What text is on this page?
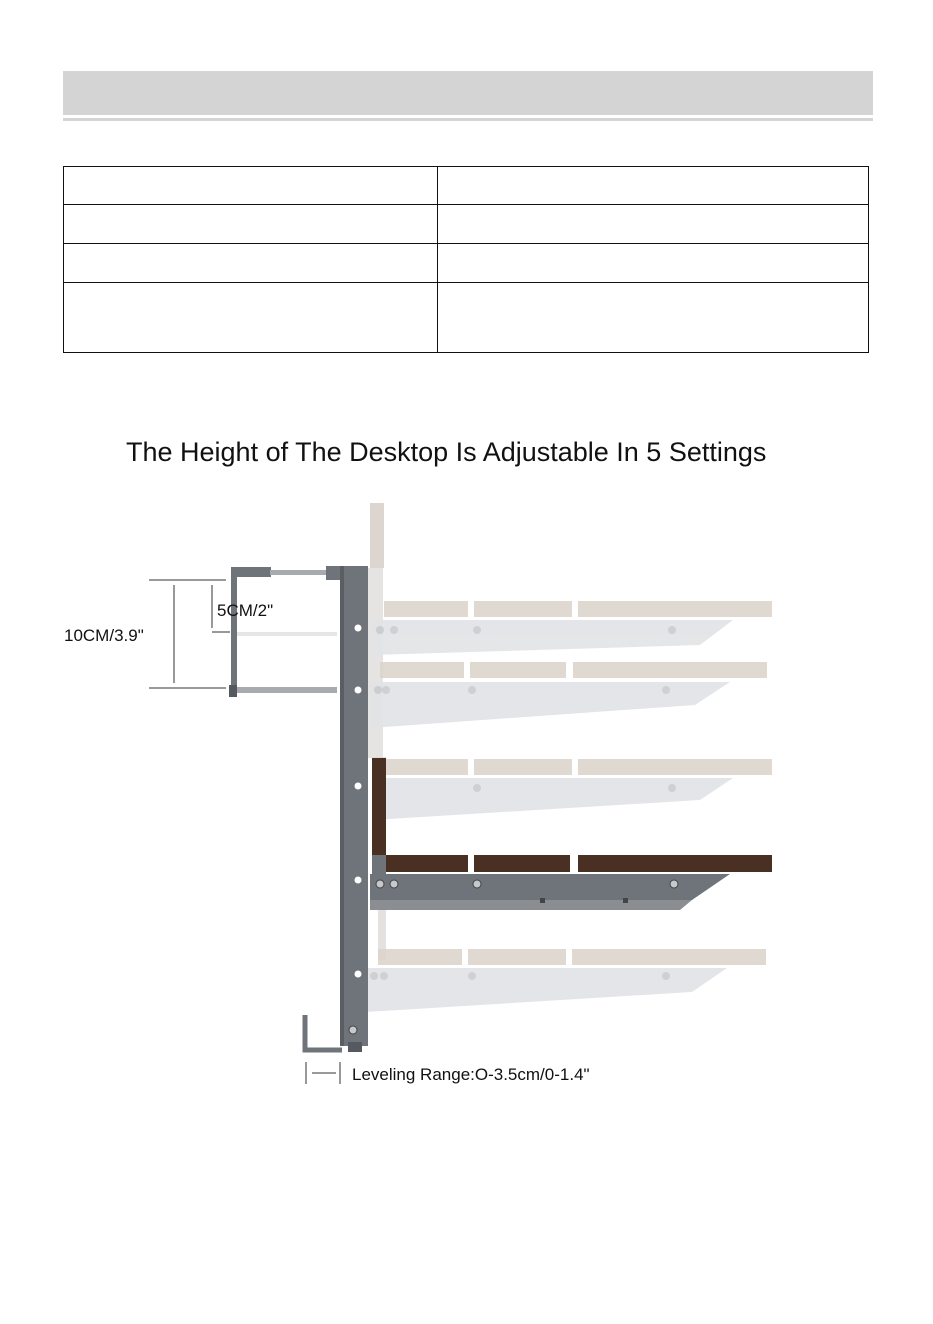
The Height of The Desktop Is Adjustable In 5 Settings
5CM/2"
10CM/3.9"
Leveling Range:O-3.5cm/0-1.4"
